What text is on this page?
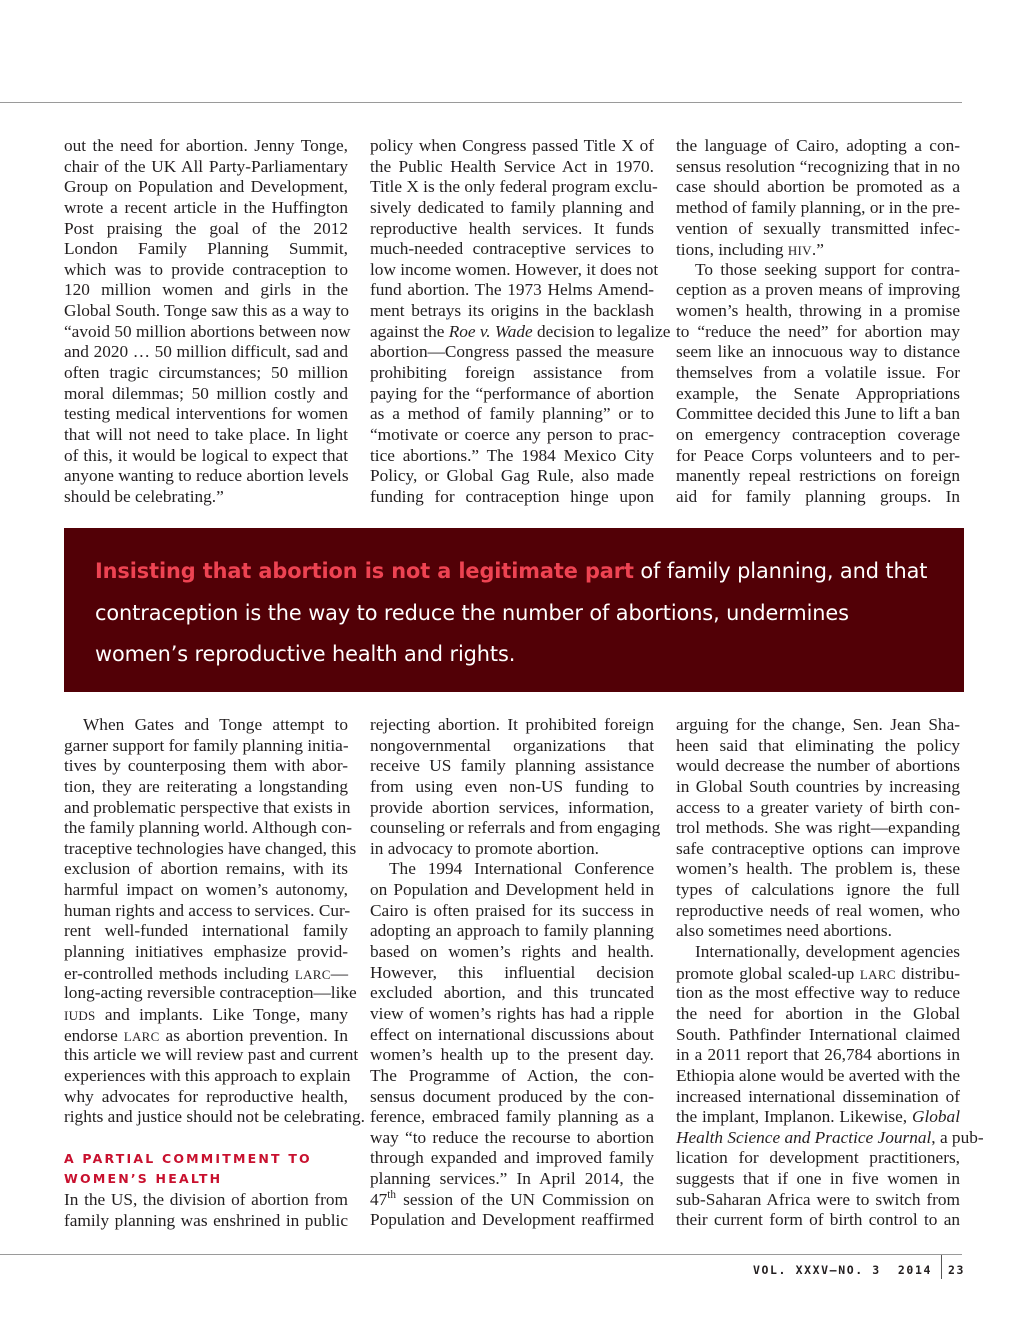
out the need for abortion. Jenny Tonge,
chair of the UK All Party-Parliamentary
Group on Population and Development,
wrote a recent article in the Huffington
Post praising the goal of the 2012
London Family Planning Summit,
which was to provide contraception to
120 million women and girls in the
Global South. Tonge saw this as a way to
“avoid 50 million abortions between now
and 2020 … 50 million difficult, sad and
often tragic circumstances; 50 million
moral dilemmas; 50 million costly and
testing medical interventions for women
that will not need to take place. In light
of this, it would be logical to expect that
anyone wanting to reduce abortion levels
should be celebrating.”
policy when Congress passed Title X of
the Public Health Service Act in 1970.
Title X is the only federal program exclu-
sively dedicated to family planning and
reproductive health services. It funds
much-needed contraceptive services to
low income women. However, it does not
fund abortion. The 1973 Helms Amend-
ment betrays its origins in the backlash
against the Roe v. Wade decision to legalize
abortion—Congress passed the measure
prohibiting foreign assistance from
paying for the “performance of abortion
as a method of family planning” or to
“motivate or coerce any person to prac-
tice abortions.” The 1984 Mexico City
Policy, or Global Gag Rule, also made
funding for contraception hinge upon
the language of Cairo, adopting a con-
sensus resolution “recognizing that in no
case should abortion be promoted as a
method of family planning, or in the pre-
vention of sexually transmitted infec-
tions, including hiv.”
To those seeking support for contra-
ception as a proven means of improving
women’s health, throwing in a promise
to “reduce the need” for abortion may
seem like an innocuous way to distance
themselves from a volatile issue. For
example, the Senate Appropriations
Committee decided this June to lift a ban
on emergency contraception coverage
for Peace Corps volunteers and to per-
manently repeal restrictions on foreign
aid for family planning groups. In

Insisting that abortion is not a legitimate part of family planning, and that

contraception is the way to reduce the number of abortions, undermines

women’s reproductive health and rights.

When Gates and Tonge attempt to
garner support for family planning initia-
tives by counterposing them with abor-
tion, they are reiterating a longstanding
and problematic perspective that exists in
the family planning world. Although con-
traceptive technologies have changed, this
exclusion of abortion remains, with its
harmful impact on women’s autonomy,
human rights and access to services. Cur-
rent well-funded international family
planning initiatives emphasize provid-
er-controlled methods including larc—
long-acting reversible contraception—like
iuds and implants. Like Tonge, many
endorse larc as abortion prevention. In
this article we will review past and current
experiences with this approach to explain
why advocates for reproductive health,
rights and justice should not be celebrating.
A PARTIAL COMMITMENT TO
WOMEN’S HEALTH
In the US, the division of abortion from
family planning was enshrined in public
rejecting abortion. It prohibited foreign
nongovernmental organizations that
receive US family planning assistance
from using even non-US funding to
provide abortion services, information,
counseling or referrals and from engaging
in advocacy to promote abortion.
The 1994 International Conference
on Population and Development held in
Cairo is often praised for its success in
adopting an approach to family planning
based on women’s rights and health.
However, this influential decision
excluded abortion, and this truncated
view of women’s rights has had a ripple
effect on international discussions about
women’s health up to the present day.
The Programme of Action, the con-
sensus document produced by the con-
ference, embraced family planning as a
way “to reduce the recourse to abortion
through expanded and improved family
planning services.” In April 2014, the
47th session of the UN Commission on
Population and Development reaffirmed
arguing for the change, Sen. Jean Sha-
heen said that eliminating the policy
would decrease the number of abortions
in Global South countries by increasing
access to a greater variety of birth con-
trol methods. She was right—expanding
safe contraceptive options can improve
women’s health. The problem is, these
types of calculations ignore the full
reproductive needs of real women, who
also sometimes need abortions.
Internationally, development agencies
promote global scaled-up larc distribu-
tion as the most effective way to reduce
the need for abortion in the Global
South. Pathfinder International claimed
in a 2011 report that 26,784 abortions in
Ethiopia alone would be averted with the
increased international dissemination of
the implant, Implanon. Likewise, Global
Health Science and Practice Journal, a pub-
lication for development practitioners,
suggests that if one in five women in
sub-Saharan Africa were to switch from
their current form of birth control to an
VOL. XXXV—NO. 3 2014 23
